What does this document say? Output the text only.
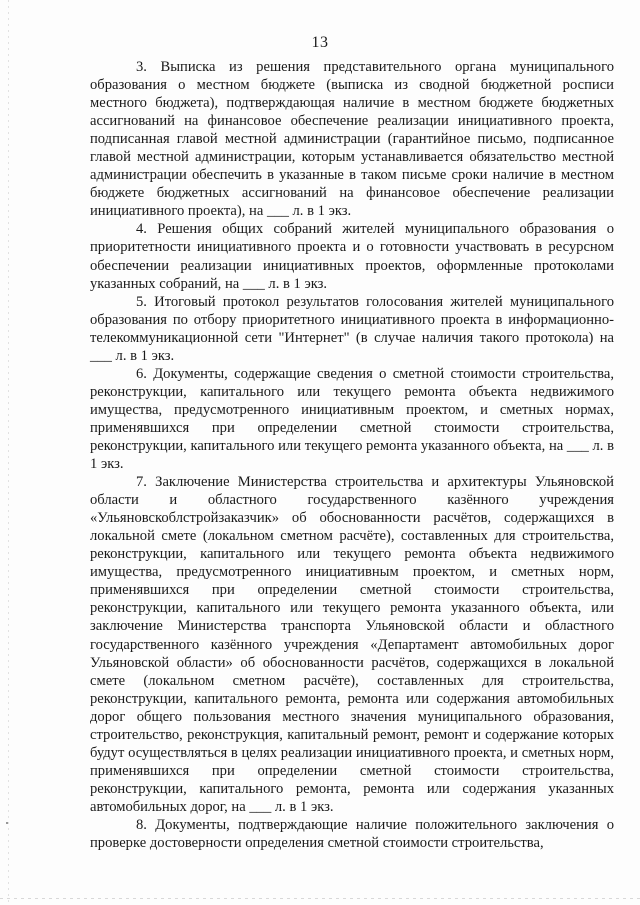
13

3. Выписка из решения представительного органа муниципального образования о местном бюджете (выписка из сводной бюджетной росписи местного бюджета), подтверждающая наличие в местном бюджете бюджетных ассигнований на финансовое обеспечение реализации инициативного проекта, подписанная главой местной администрации (гарантийное письмо, подписанное главой местной администрации, которым устанавливается обязательство местной администрации обеспечить в указанные в таком письме сроки наличие в местном бюджете бюджетных ассигнований на финансовое обеспечение реализации инициативного проекта), на ___ л. в 1 экз.

4. Решения общих собраний жителей муниципального образования о приоритетности инициативного проекта и о готовности участвовать в ресурсном обеспечении реализации инициативных проектов, оформленные протоколами указанных собраний, на ___ л. в 1 экз.

5. Итоговый протокол результатов голосования жителей муниципального образования по отбору приоритетного инициативного проекта в информационно-телекоммуникационной сети "Интернет" (в случае наличия такого протокола) на ___ л. в 1 экз.

6. Документы, содержащие сведения о сметной стоимости строительства, реконструкции, капитального или текущего ремонта объекта недвижимого имущества, предусмотренного инициативным проектом, и сметных нормах, применявшихся при определении сметной стоимости строительства, реконструкции, капитального или текущего ремонта указанного объекта, на ___ л. в 1 экз.

7. Заключение Министерства строительства и архитектуры Ульяновской области и областного государственного казённого учреждения «Ульяновскоблстройзаказчик» об обоснованности расчётов, содержащихся в локальной смете (локальном сметном расчёте), составленных для строительства, реконструкции, капитального или текущего ремонта объекта недвижимого имущества, предусмотренного инициативным проектом, и сметных норм, применявшихся при определении сметной стоимости строительства, реконструкции, капитального или текущего ремонта указанного объекта, или заключение Министерства транспорта Ульяновской области и областного государственного казённого учреждения «Департамент автомобильных дорог Ульяновской области» об обоснованности расчётов, содержащихся в локальной смете (локальном сметном расчёте), составленных для строительства, реконструкции, капитального ремонта, ремонта или содержания автомобильных дорог общего пользования местного значения муниципального образования, строительство, реконструкция, капитальный ремонт, ремонт и содержание которых будут осуществляться в целях реализации инициативного проекта, и сметных норм, применявшихся при определении сметной стоимости строительства, реконструкции, капитального ремонта, ремонта или содержания указанных автомобильных дорог, на ___ л. в 1 экз.

8. Документы, подтверждающие наличие положительного заключения о проверке достоверности определения сметной стоимости строительства,
